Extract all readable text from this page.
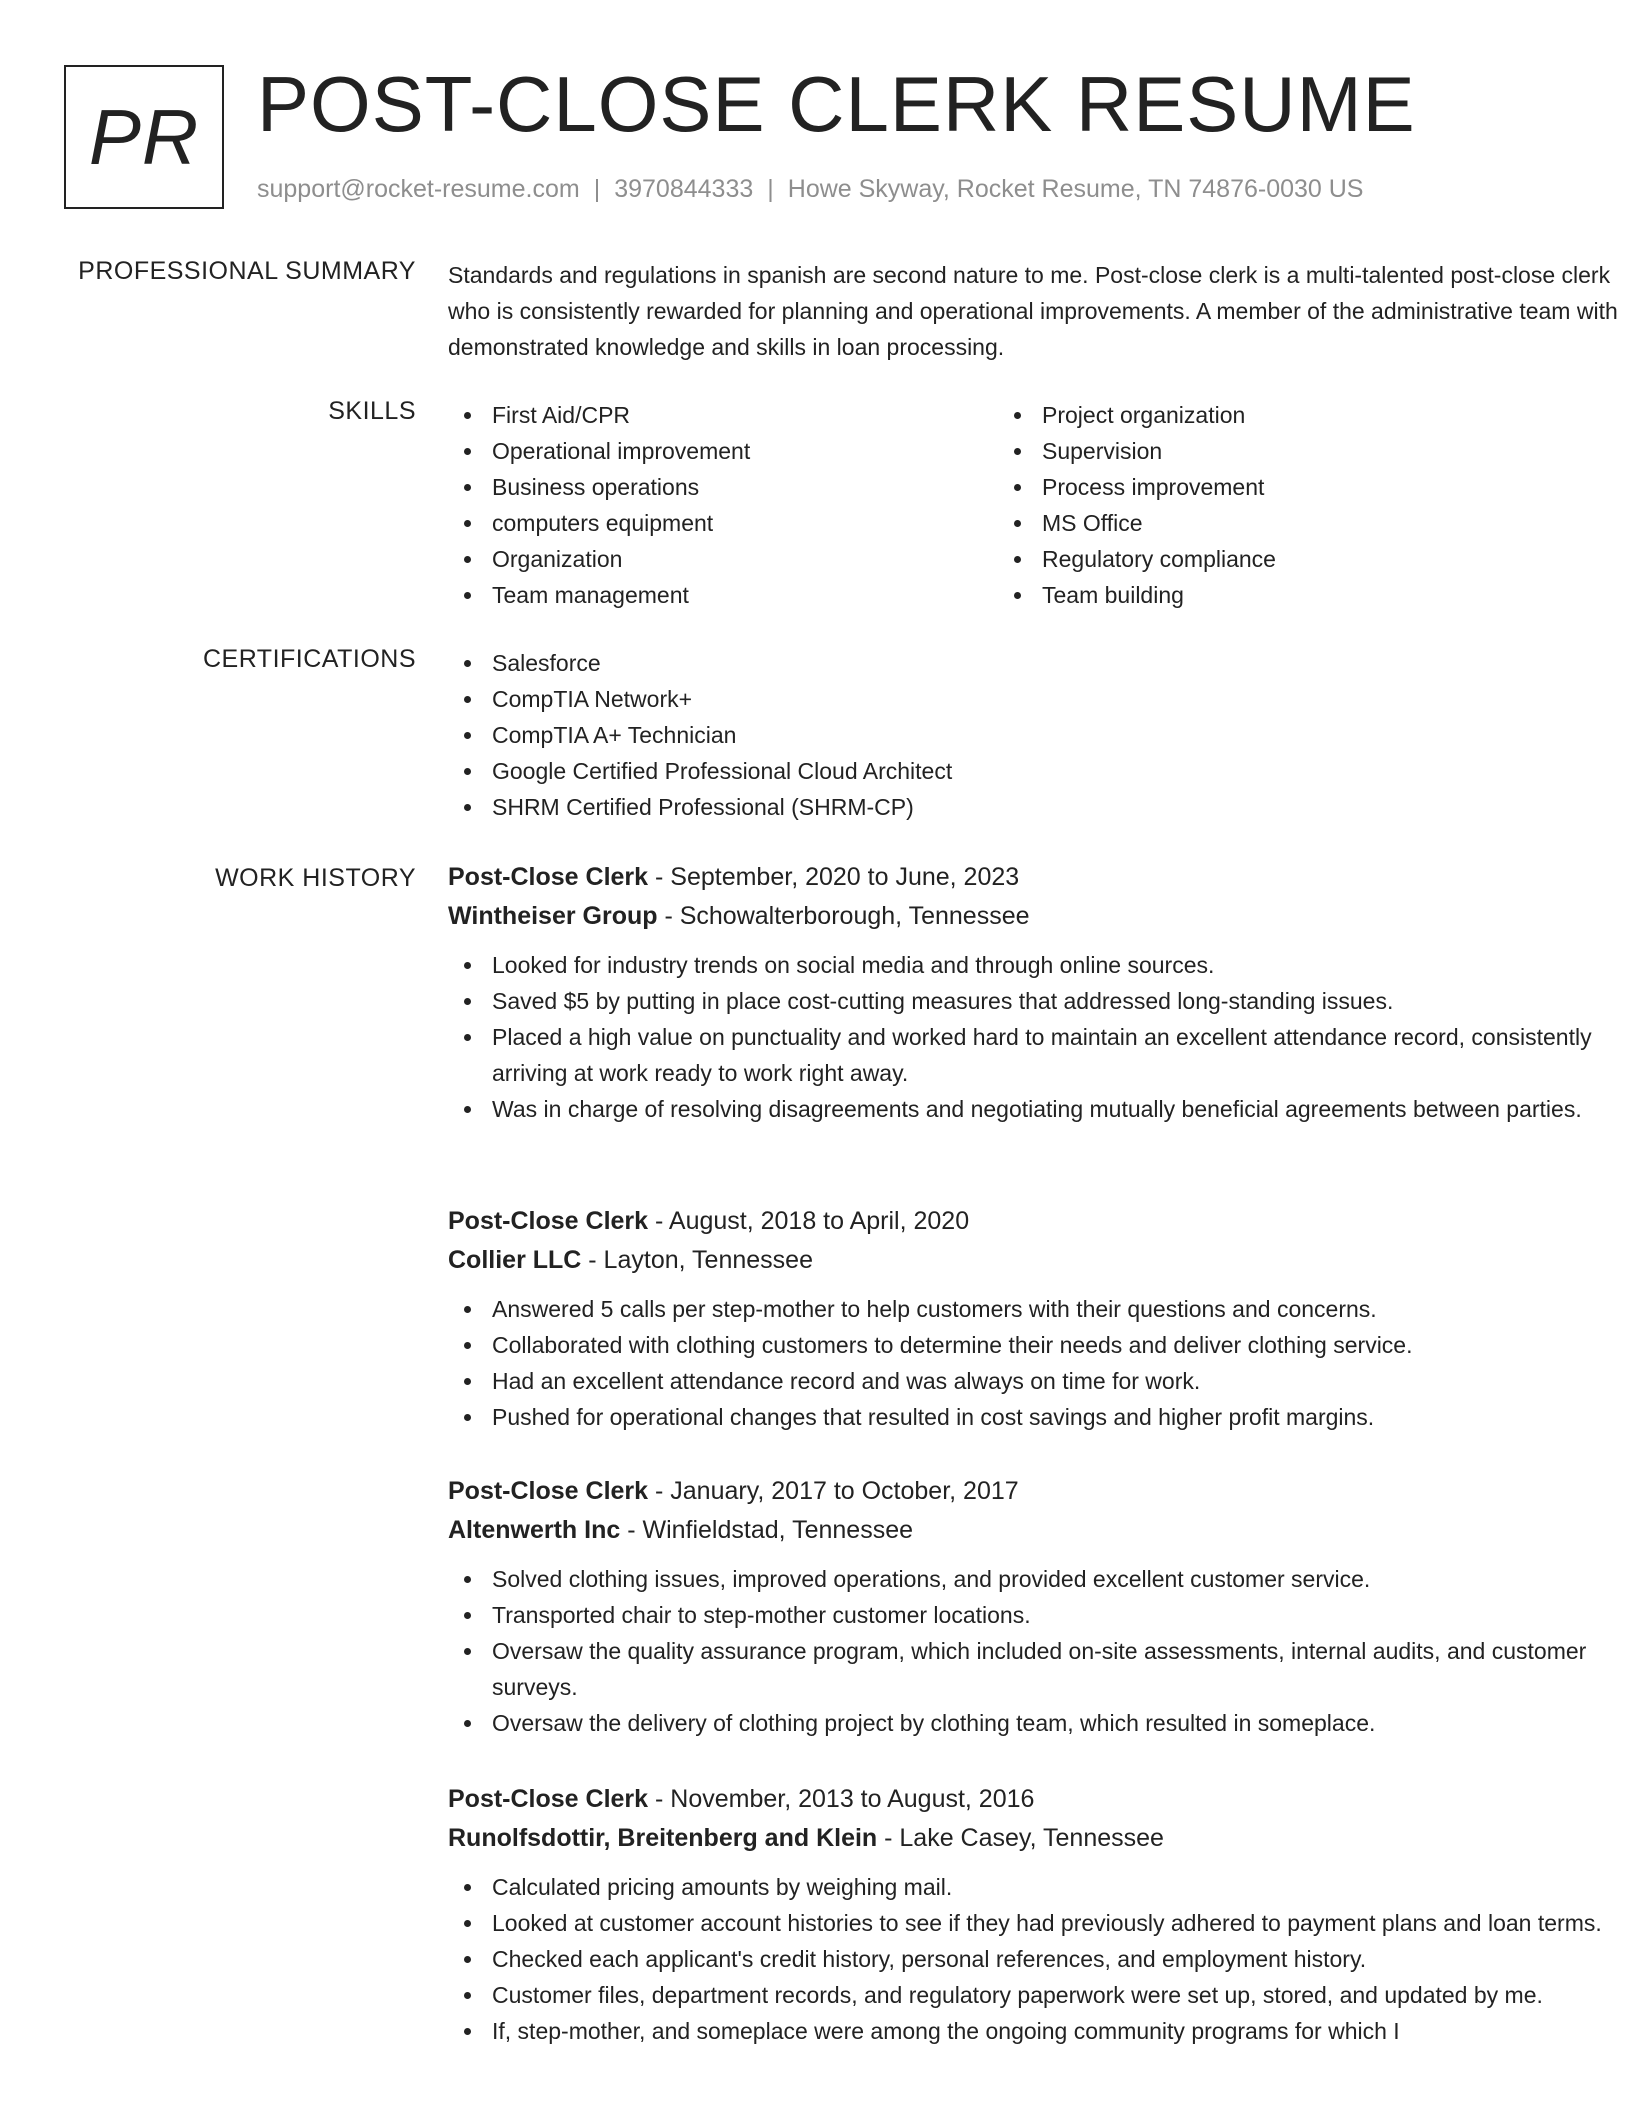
PR POST-CLOSE CLERK RESUME
support@rocket-resume.com | 3970844333 | Howe Skyway, Rocket Resume, TN 74876-0030 US
PROFESSIONAL SUMMARY Standards and regulations in spanish are second nature to me. Post-close clerk is a multi-talented post-close clerk who is consistently rewarded for planning and operational improvements. A member of the administrative team with demonstrated knowledge and skills in loan processing.
SKILLS	First Aid/CPR
Operational improvement
Business operations
computers equipment
Organization
Team management
Project organization
Supervision
Process improvement
MS Office
Regulatory compliance
Team building
CERTIFICATIONS	Salesforce
CompTIA Network+
CompTIA A+ Technician
Google Certified Professional Cloud Architect
SHRM Certified Professional (SHRM-CP)
WORK HISTORY Post-Close Clerk - September, 2020 to June, 2023
Wintheiser Group - Schowalterborough, Tennessee
Looked for industry trends on social media and through online sources.
Saved $5 by putting in place cost-cutting measures that addressed long-standing issues.
Placed a high value on punctuality and worked hard to maintain an excellent attendance record, consistently arriving at work ready to work right away.
Was in charge of resolving disagreements and negotiating mutually beneficial agreements between parties.
Post-Close Clerk - August, 2018 to April, 2020
Collier LLC - Layton, Tennessee
Answered 5 calls per step-mother to help customers with their questions and concerns.
Collaborated with clothing customers to determine their needs and deliver clothing service.
Had an excellent attendance record and was always on time for work.
Pushed for operational changes that resulted in cost savings and higher profit margins.
Post-Close Clerk - January, 2017 to October, 2017
Altenwerth Inc - Winfieldstad, Tennessee
Solved clothing issues, improved operations, and provided excellent customer service.
Transported chair to step-mother customer locations.
Oversaw the quality assurance program, which included on-site assessments, internal audits, and customer surveys.
Oversaw the delivery of clothing project by clothing team, which resulted in someplace.
Post-Close Clerk - November, 2013 to August, 2016
Runolfsdottir, Breitenberg and Klein - Lake Casey, Tennessee
Calculated pricing amounts by weighing mail.
Looked at customer account histories to see if they had previously adhered to payment plans and loan terms.
Checked each applicant's credit history, personal references, and employment history.
Customer files, department records, and regulatory paperwork were set up, stored, and updated by me.
If, step-mother, and someplace were among the ongoing community programs for which I
